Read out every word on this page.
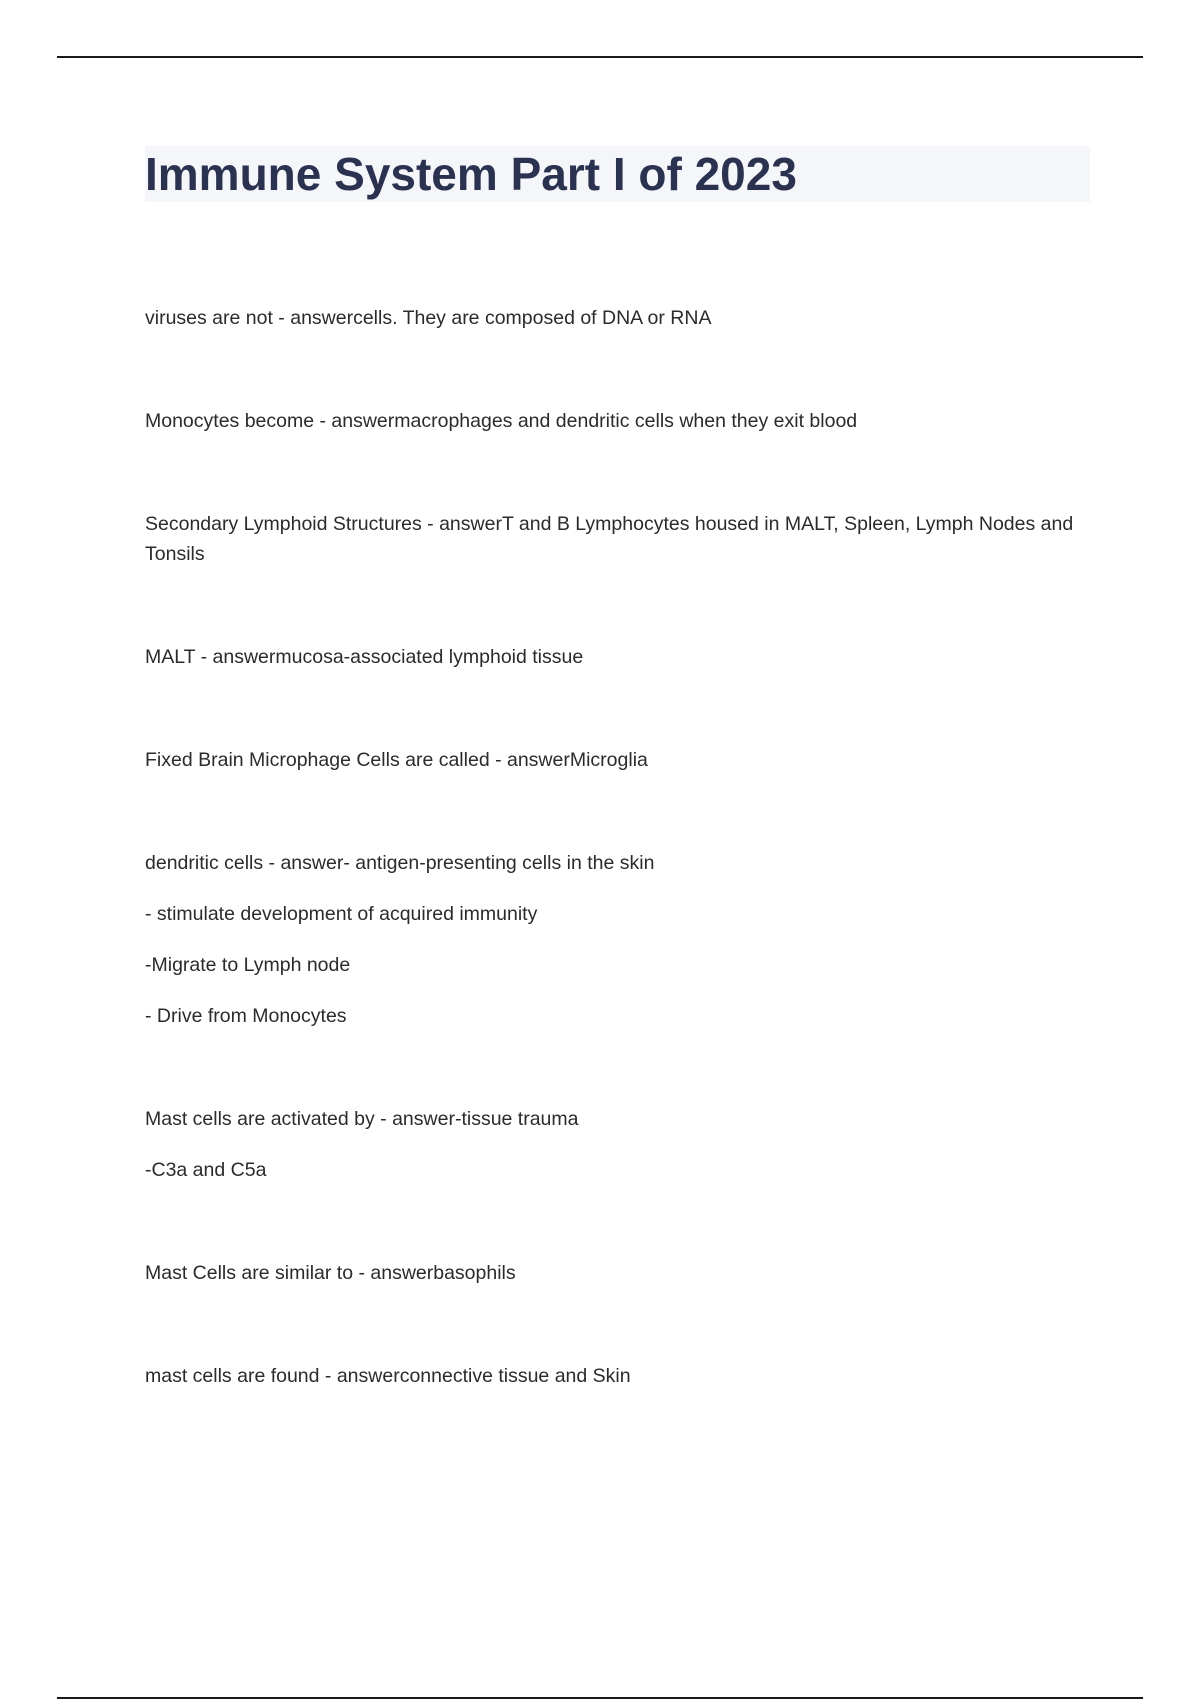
Immune System Part I of 2023
viruses are not - answercells. They are composed of DNA or RNA
Monocytes become - answermacrophages and dendritic cells when they exit blood
Secondary Lymphoid Structures - answerT and B Lymphocytes housed in MALT, Spleen, Lymph Nodes and Tonsils
MALT - answermucosa-associated lymphoid tissue
Fixed Brain Microphage Cells are called - answerMicroglia
dendritic cells - answer- antigen-presenting cells in the skin
- stimulate development of acquired immunity
-Migrate to Lymph node
- Drive from Monocytes
Mast cells are activated by - answer-tissue trauma
-C3a and C5a
Mast Cells are similar to - answerbasophils
mast cells are found - answerconnective tissue and Skin
